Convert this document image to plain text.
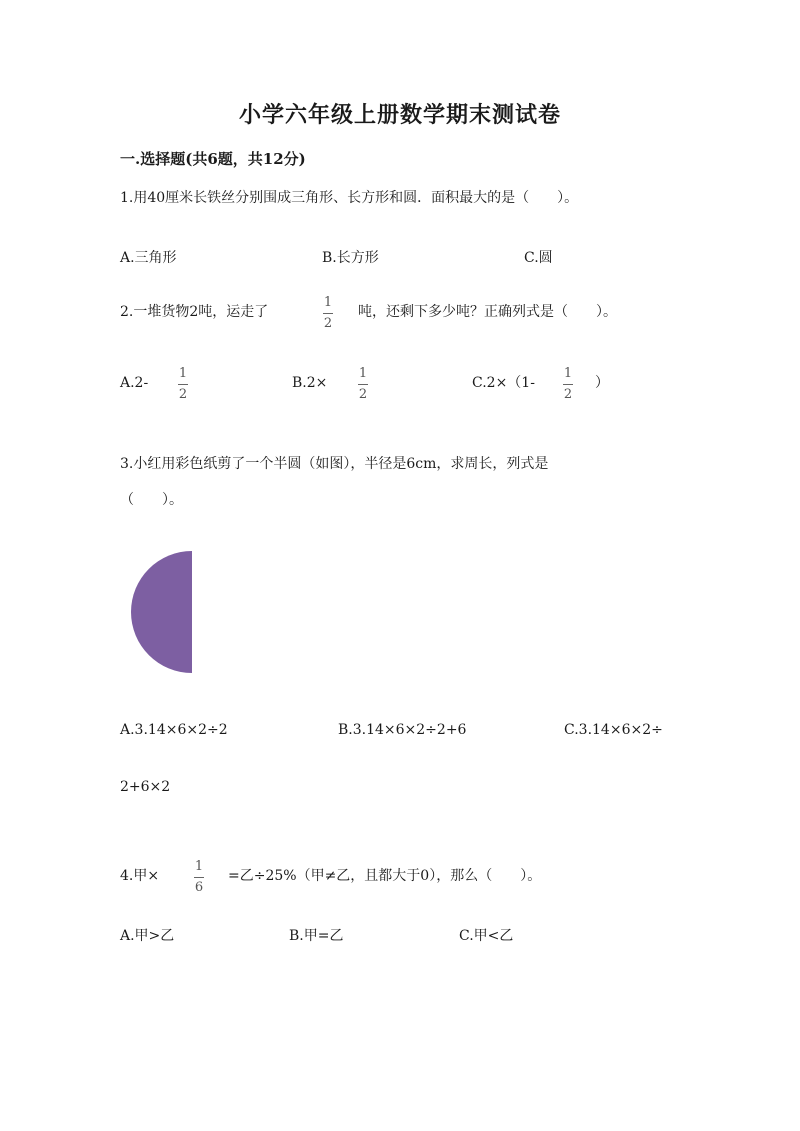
小学六年级上册数学期末测试卷
一.选择题(共6题，共12分)
1.用40厘米长铁丝分别围成三角形、长方形和圆．面积最大的是（　　）。
A.三角形	B.长方形	C.圆
2.一堆货物2吨，运走了
1
2
吨，还剩下多少吨？正确列式是（　　）。
A.2-
1
2
B.2×
1
2
C.2×（1-
1
2
）
3.小红用彩色纸剪了一个半圆（如图），半径是6cm，求周长，列式是
（　　）。
A.3.14×6×2÷2	B.3.14×6×2÷2+6	C.3.14×6×2÷
2+6×2
4.甲×
1
6
=乙÷25%（甲≠乙，且都大于0），那么（　　）。
A.甲>乙	B.甲=乙	C.甲<乙
